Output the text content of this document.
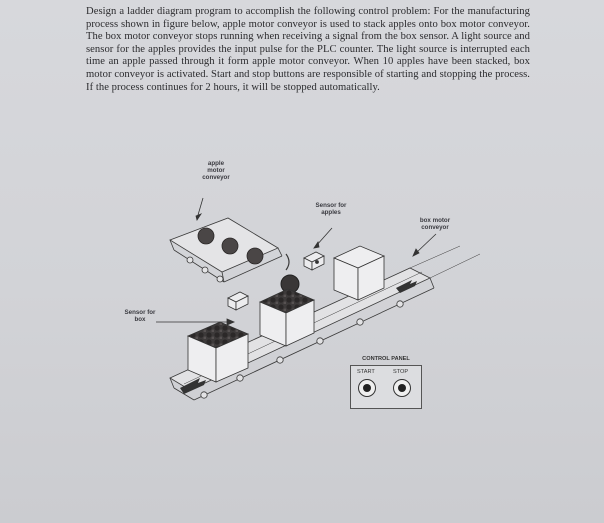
Design a ladder diagram program to accomplish the following control problem: For the manufacturing process shown in figure below, apple motor conveyor is used to stack apples onto box motor conveyor. The box motor conveyor stops running when receiving a signal from the box sensor. A light source and sensor for the apples provides the input pulse for the PLC counter. The light source is interrupted each time an apple passed through it form apple motor conveyor. When 10 apples have been stacked, box motor conveyor is activated. Start and stop buttons are responsible of starting and stopping the process. If the process continues for 2 hours, it will be stopped automatically.
apple
motor
conveyor
Sensor for
apples
box motor
conveyor
Sensor for
box
CONTROL PANEL
START	STOP
